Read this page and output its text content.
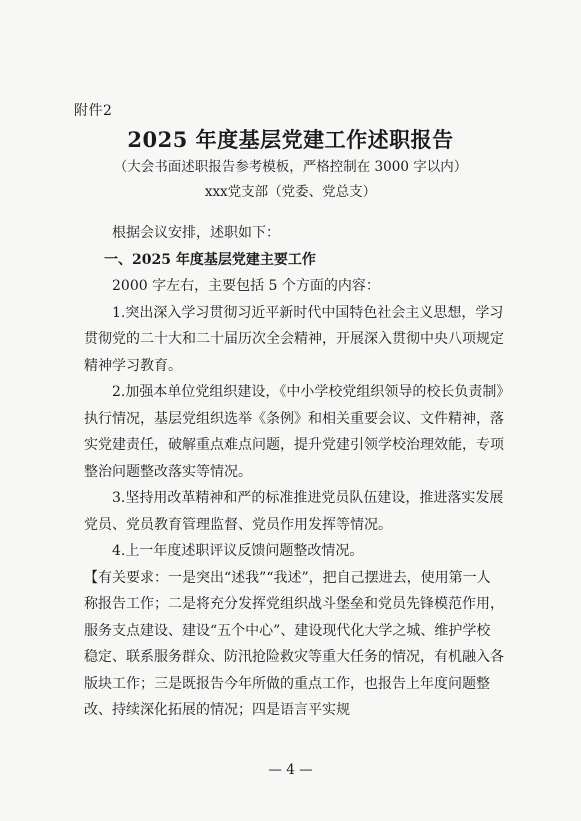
附件2
2025 年度基层党建工作述职报告
（大会书面述职报告参考模板，严格控制在 3000 字以内）
xxx党支部（党委、党总支）

根据会议安排，述职如下：

一、2025 年度基层党建主要工作

2000 字左右，主要包括 5 个方面的内容：

1.突出深入学习贯彻习近平新时代中国特色社会主义思想，学习贯彻党的二十大和二十届历次全会精神，开展深入贯彻中央八项规定精神学习教育。

2.加强本单位党组织建设，《中小学校党组织领导的校长负责制》执行情况，基层党组织选举《条例》和相关重要会议、文件精神，落实党建责任，破解重点难点问题，提升党建引领学校治理效能，专项整治问题整改落实等情况。

3.坚持用改革精神和严的标准推进党员队伍建设，推进落实发展党员、党员教育管理监督、党员作用发挥等情况。

4.上一年度述职评议反馈问题整改情况。

【有关要求：一是突出“述我”“我述”，把自己摆进去，使用第一人称报告工作；二是将充分发挥党组织战斗堡垒和党员先锋模范作用，服务支点建设、建设“五个中心”、建设现代化大学之城、维护学校稳定、联系服务群众、防汛抢险救灾等重大任务的情况，有机融入各版块工作；三是既报告今年所做的重点工作，也报告上年度问题整改、持续深化拓展的情况；四是语言平实规

— 4 —
